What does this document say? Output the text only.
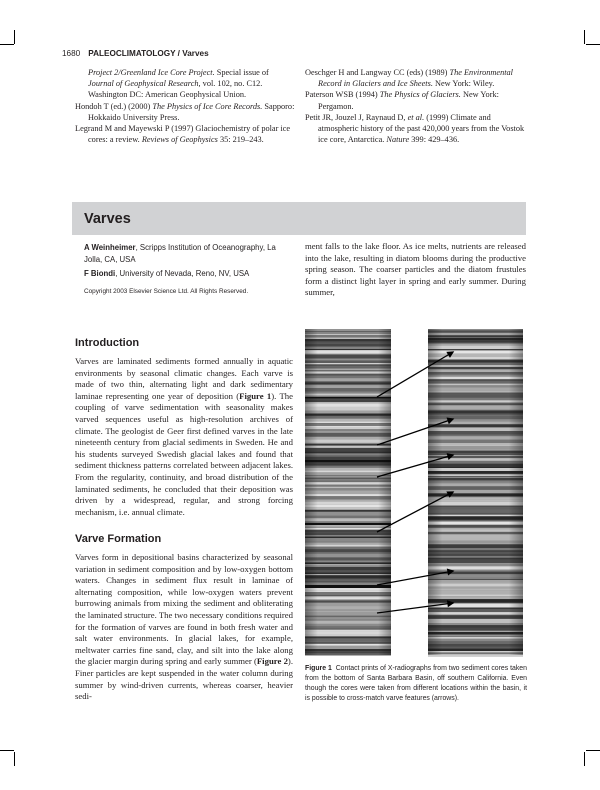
1680 PALEOCLIMATOLOGY / Varves

Project 2/Greenland Ice Core Project. Special issue of Journal of Geophysical Research, vol. 102, no. C12. Washington DC: American Geophysical Union.

Hondoh T (ed.) (2000) The Physics of Ice Core Records. Sapporo: Hokkaido University Press.

Legrand M and Mayewski P (1997) Glaciochemistry of polar ice cores: a review. Reviews of Geophysics 35: 219–243.

Oeschger H and Langway CC (eds) (1989) The Environmental Record in Glaciers and Ice Sheets. New York: Wiley.

Paterson WSB (1994) The Physics of Glaciers. New York: Pergamon.

Petit JR, Jouzel J, Raynaud D, et al. (1999) Climate and atmospheric history of the past 420,000 years from the Vostok ice core, Antarctica. Nature 399: 429–436.

Varves
A Weinheimer, Scripps Institution of Oceanography, La Jolla, CA, USA
F Biondi, University of Nevada, Reno, NV, USA
Copyright 2003 Elsevier Science Ltd. All Rights Reserved.
ment falls to the lake floor. As ice melts, nutrients are released into the lake, resulting in diatom blooms during the productive spring season. The coarser particles and the diatom frustules form a distinct light layer in spring and early summer. During summer,
Introduction
Varves are laminated sediments formed annually in aquatic environments by seasonal climatic changes. Each varve is made of two thin, alternating light and dark sedimentary laminae representing one year of deposition (Figure 1). The coupling of varve sedimentation with seasonality makes varved sequences useful as high-resolution archives of climate. The geologist de Geer first defined varves in the late nineteenth century from glacial sediments in Sweden. He and his students surveyed Swedish glacial lakes and found that sediment thickness patterns correlated between adjacent lakes. From the regularity, continuity, and broad distribution of the laminated sediments, he concluded that their deposition was driven by a widespread, regular, and strong forcing mechanism, i.e. annual climate.
Varve Formation
Varves form in depositional basins characterized by seasonal variation in sediment composition and by low-oxygen bottom waters. Changes in sediment flux result in laminae of alternating composition, while low-oxygen waters prevent burrowing animals from mixing the sediment and obliterating the laminated structure. The two necessary conditions required for the formation of varves are found in both fresh water and salt water environments. In glacial lakes, for example, meltwater carries fine sand, clay, and silt into the lake along the glacier margin during spring and early summer (Figure 2). Finer particles are kept suspended in the water column during summer by wind-driven currents, whereas coarser, heavier sedi-
Figure 1 Contact prints of X-radiographs from two sediment cores taken from the bottom of Santa Barbara Basin, off southern California. Even though the cores were taken from different locations within the basin, it is possible to cross-match varve features (arrows).
